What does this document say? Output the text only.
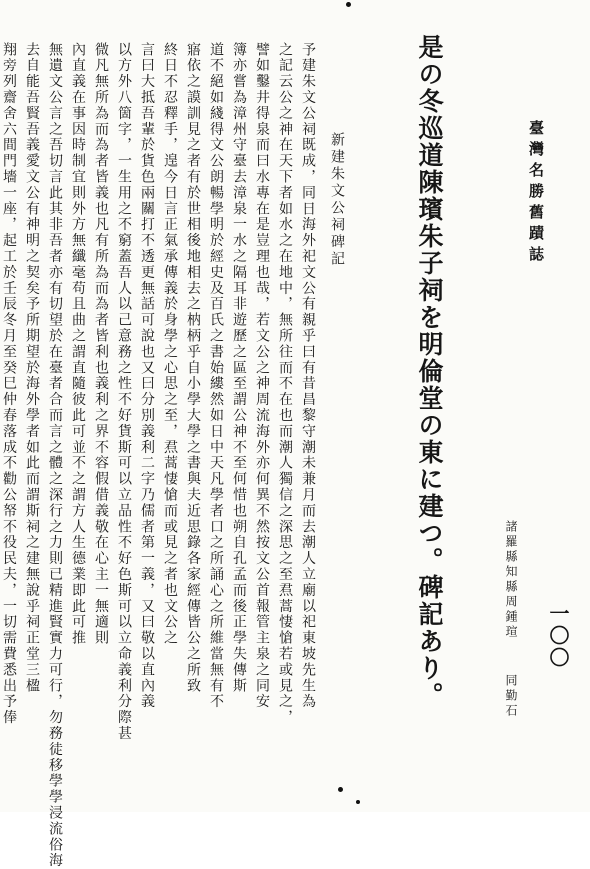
臺灣名勝舊蹟誌
一〇〇
諸羅縣知縣周鍾瑄
同勤石
是の冬巡道陳璸朱子祠を明倫堂の東に建つ。碑記あり。
新建朱文公祠碑記
予建朱文公祠既成，同日海外祀文公有親乎曰有昔昌黎守潮未兼月而去潮人立廟以祀東坡先生為
之記云公之神在天下者如水之在地中，無所往而不在也而潮人獨信之深思之至焄蒿悽愴若或見之，
譬如鑿井得泉而曰水專在是豈理也哉，若文公之神周流海外亦何異不然按文公首報管主泉之同安
簿亦嘗為漳州守臺去漳泉一水之隔耳非遊歷之區至謂公神不至何惜也朔自孔孟而後正學失傳斯
道不絕如綫得文公朗暢學明於經史及百氏之書始縷然如日中天凡學者口之所誦心之所維當無有不
寤依之謨訓見之者有於世相後地相去之枘柄乎自小學大學之書與夫近思錄各家經傳皆公之所致
終日不忍釋手，遑今日言正氣承傳義於身學之心思之至，焄蒿悽愴而或見之者也文公之
言曰大抵吾輩於貨色兩關打不透更無話可說也又曰分別義利二字乃儒者第一義，又曰敬以直內義
以方外八箇字，一生用之不窮蓋吾人以己意務之性不好貨斯可以立品性不好色斯可以立命義利分際甚
微凡無所為而為者皆義也凡有所為而為者皆利也義利之界不容假借義敬在心主一無適則
內直義在事因時制宜則外方無纖毫苟且曲之謂直隨彼此可並不之謂方人生德業即此可推
無遺文公言之吾切言此其非吾者亦有切望於在臺者合而言之體之深行之力則已精進賢實力可行，勿務徒移學學浸流俗海
去自能吾賢吾義愛文公有神明之契矣予所期望於海外學者如此而謂斯祠之建無說乎祠正堂三楹
翔旁列齋舍六間門墻一座，起工於壬辰冬月至癸巳仲春落成不勸公帑不役民夫，一切需費悉出予俸
